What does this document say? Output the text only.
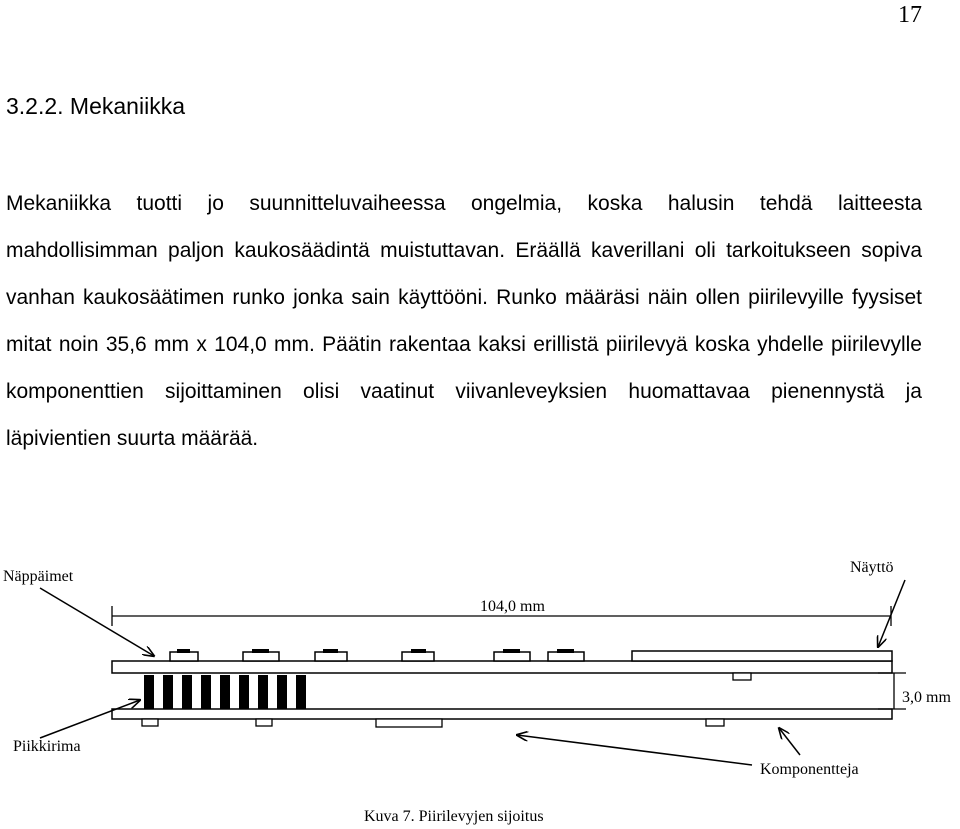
17
3.2.2. Mekaniikka

Mekaniikka tuotti jo suunnitteluvaiheessa ongelmia, koska halusin tehdä laitteesta mahdollisimman paljon kaukosäädintä muistuttavan. Eräällä kaverillani oli tarkoitukseen sopiva vanhan kaukosäätimen runko jonka sain käyttööni. Runko määräsi näin ollen piirilevyille fyysiset mitat noin 35,6 mm x 104,0 mm. Päätin rakentaa kaksi erillistä piirilevyä koska yhdelle piirilevylle komponenttien sijoittaminen olisi vaatinut viivanleveyksien huomattavaa pienennystä ja läpivientien suurta määrää.

Näppäimet
Näyttö
104,0 mm
3,0 mm
Piikkirima
Komponentteja
Kuva 7. Piirilevyjen sijoitus
